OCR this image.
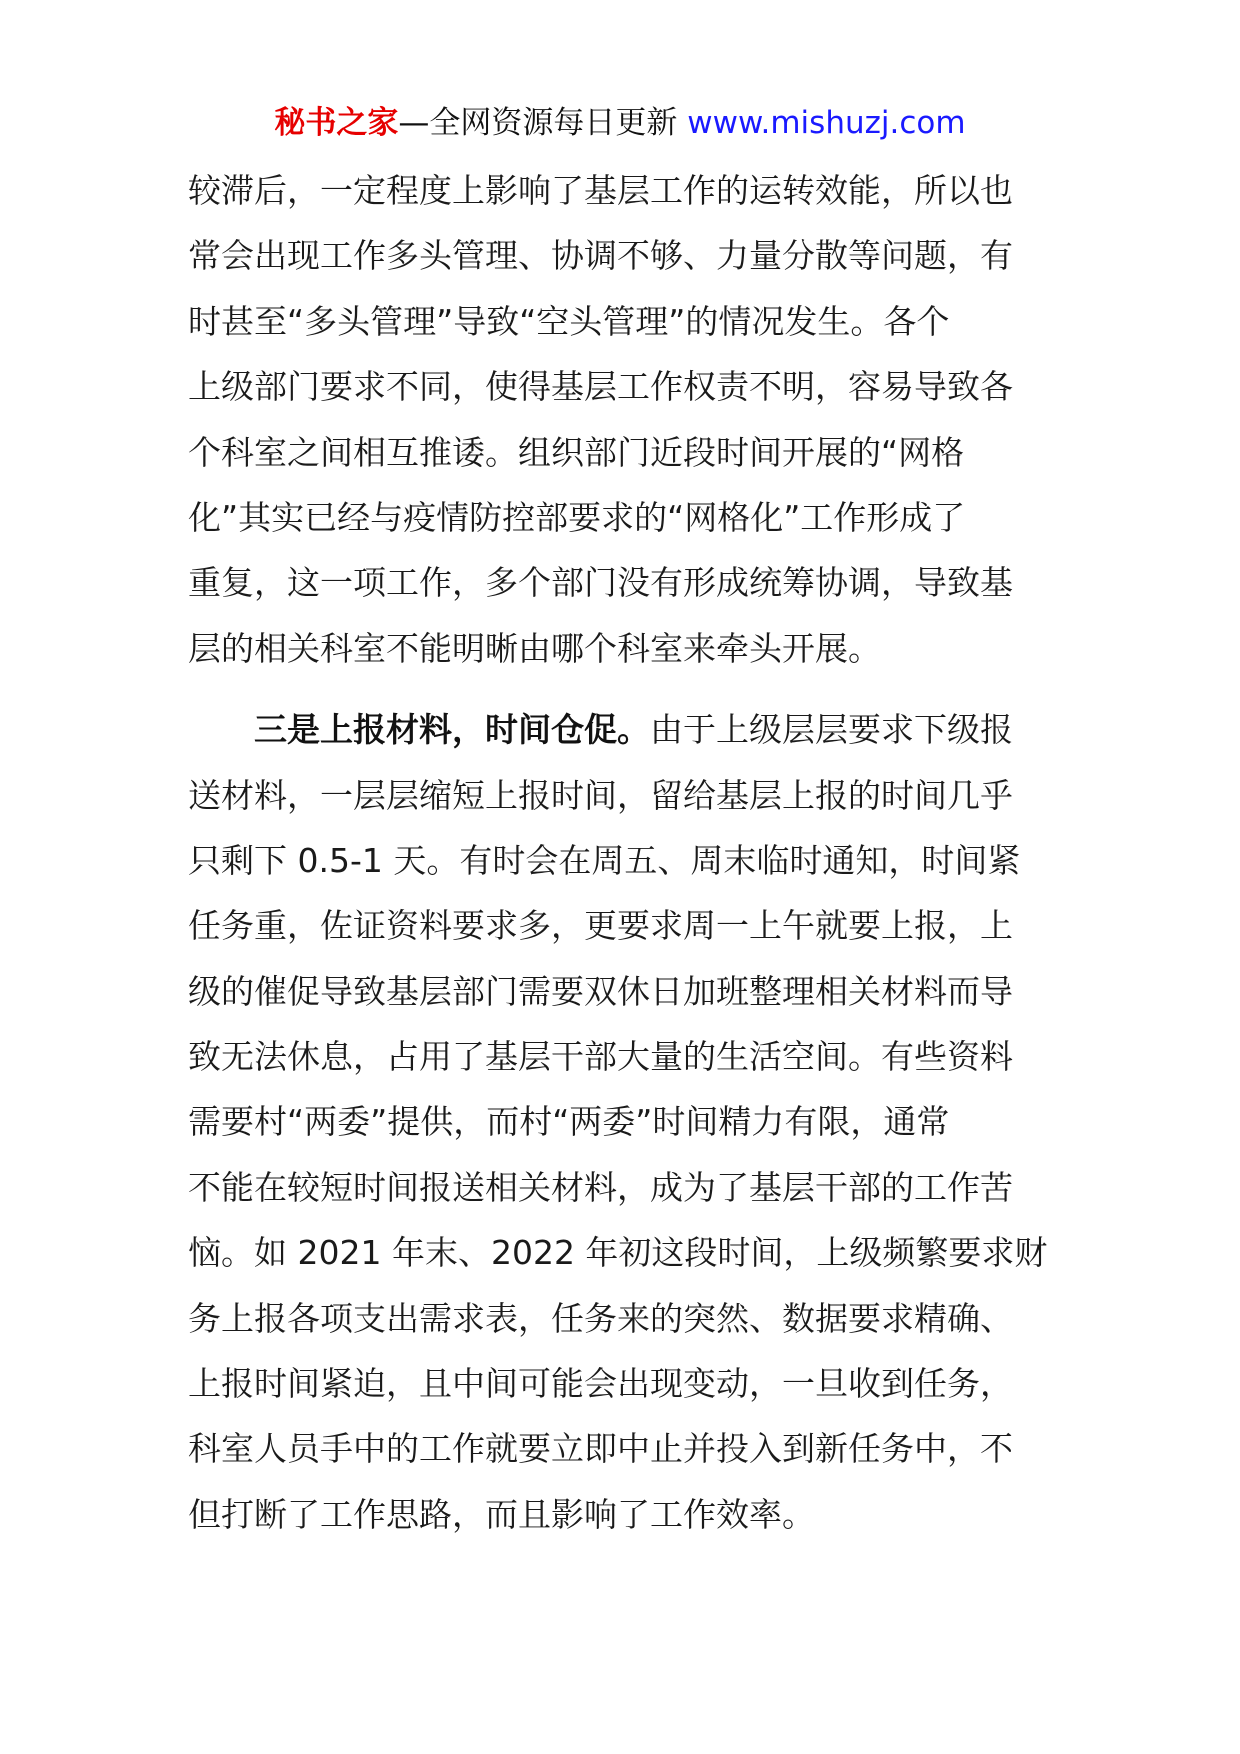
秘书之家—全网资源每日更新 www.mishuzj.com
较滞后，一定程度上影响了基层工作的运转效能，所以也
常会出现工作多头管理、协调不够、力量分散等问题，有
时甚至“多头管理”导致“空头管理”的情况发生。各个
上级部门要求不同，使得基层工作权责不明，容易导致各
个科室之间相互推诿。组织部门近段时间开展的“网格
化”其实已经与疫情防控部要求的“网格化”工作形成了
重复，这一项工作，多个部门没有形成统筹协调，导致基
层的相关科室不能明晰由哪个科室来牵头开展。
三是上报材料，时间仓促。由于上级层层要求下级报
送材料，一层层缩短上报时间，留给基层上报的时间几乎
只剩下 0.5-1 天。有时会在周五、周末临时通知，时间紧
任务重，佐证资料要求多，更要求周一上午就要上报，上
级的催促导致基层部门需要双休日加班整理相关材料而导
致无法休息，占用了基层干部大量的生活空间。有些资料
需要村“两委”提供，而村“两委”时间精力有限，通常
不能在较短时间报送相关材料，成为了基层干部的工作苦
恼。如 2021 年末、2022 年初这段时间，上级频繁要求财
务上报各项支出需求表，任务来的突然、数据要求精确、
上报时间紧迫，且中间可能会出现变动，一旦收到任务，
科室人员手中的工作就要立即中止并投入到新任务中，不
但打断了工作思路，而且影响了工作效率。
